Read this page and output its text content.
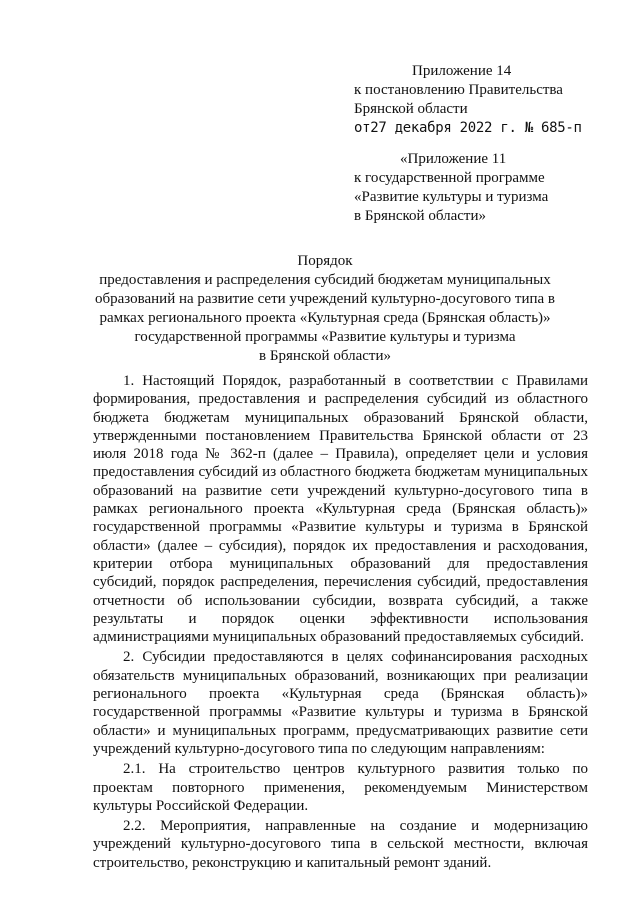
Приложение 14
к постановлению Правительства
Брянской области
от27 декабря 2022 г. № 685-п
«Приложение 11
к государственной программе
«Развитие культуры и туризма
в Брянской области»
Порядок
предоставления и распределения субсидий бюджетам муниципальных
образований на развитие сети учреждений культурно-досугового типа в
рамках регионального проекта «Культурная среда (Брянская область)»
государственной программы «Развитие культуры и туризма
в Брянской области»

1. Настоящий Порядок, разработанный в соответствии с Правилами формирования, предоставления и распределения субсидий из областного бюджета бюджетам муниципальных образований Брянской области, утвержденными постановлением Правительства Брянской области от 23 июля 2018 года № 362-п (далее – Правила), определяет цели и условия предоставления субсидий из областного бюджета бюджетам муниципальных образований на развитие сети учреждений культурно-досугового типа в рамках регионального проекта «Культурная среда (Брянская область)» государственной программы «Развитие культуры и туризма в Брянской области» (далее – субсидия), порядок их предоставления и расходования, критерии отбора муниципальных образований для предоставления субсидий, порядок распределения, перечисления субсидий, предоставления отчетности об использовании субсидии, возврата субсидий, а также результаты и порядок оценки эффективности использования администрациями муниципальных образований предоставляемых субсидий.

2. Субсидии предоставляются в целях софинансирования расходных обязательств муниципальных образований, возникающих при реализации регионального проекта «Культурная среда (Брянская область)» государственной программы «Развитие культуры и туризма в Брянской области» и муниципальных программ, предусматривающих развитие сети учреждений культурно-досугового типа по следующим направлениям:

2.1. На строительство центров культурного развития только по проектам повторного применения, рекомендуемым Министерством культуры Российской Федерации.

2.2. Мероприятия, направленные на создание и модернизацию учреждений культурно-досугового типа в сельской местности, включая строительство, реконструкцию и капитальный ремонт зданий.
